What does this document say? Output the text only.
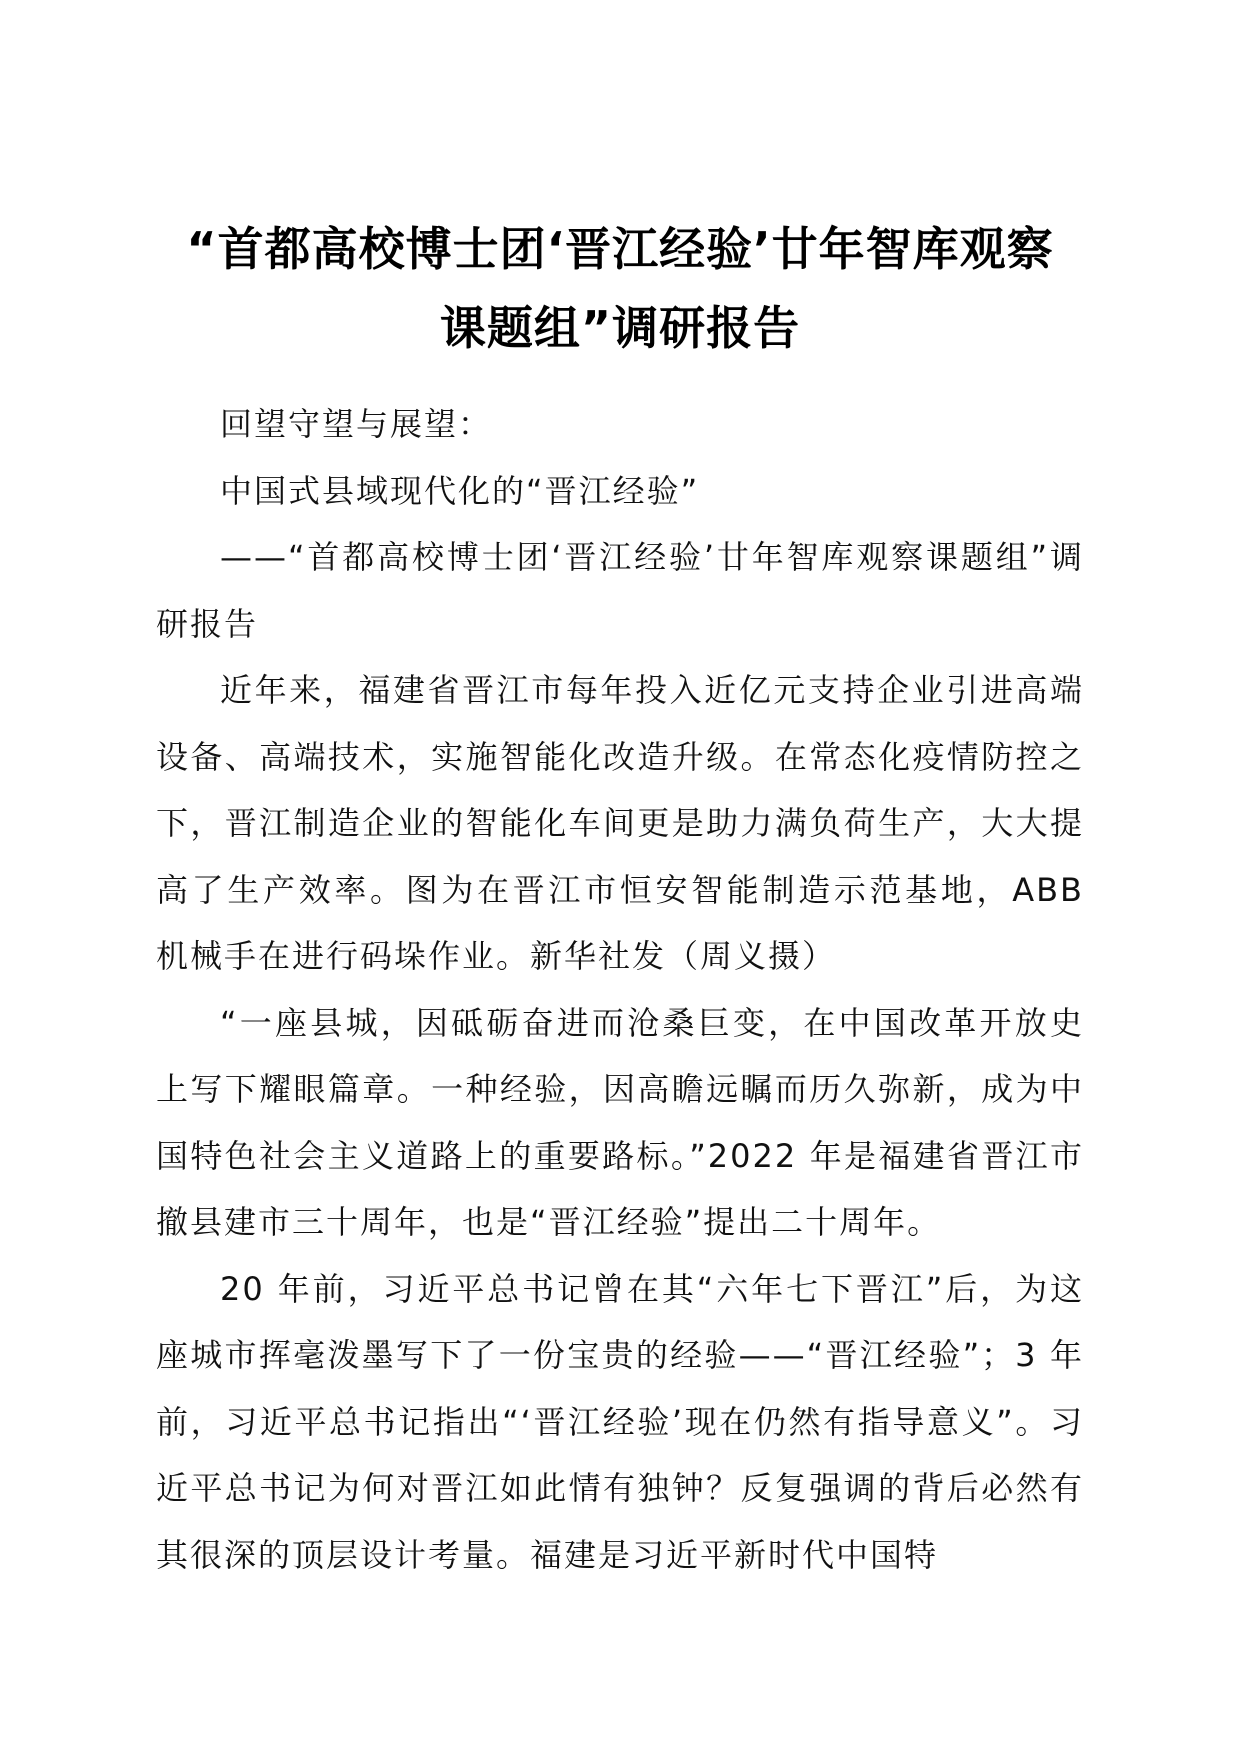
“首都高校博士团‘晋江经验’廿年智库观察
课题组”调研报告

回望守望与展望：

中国式县域现代化的“晋江经验”

——“首都高校博士团‘晋江经验’廿年智库观察课题组”调研报告

近年来，福建省晋江市每年投入近亿元支持企业引进高端设备、高端技术，实施智能化改造升级。在常态化疫情防控之下，晋江制造企业的智能化车间更是助力满负荷生产，大大提高了生产效率。图为在晋江市恒安智能制造示范基地，ABB 机械手在进行码垛作业。新华社发（周义摄）

“一座县城，因砥砺奋进而沧桑巨变，在中国改革开放史上写下耀眼篇章。一种经验，因高瞻远瞩而历久弥新，成为中国特色社会主义道路上的重要路标。”2022 年是福建省晋江市撤县建市三十周年，也是“晋江经验”提出二十周年。

20 年前，习近平总书记曾在其“六年七下晋江”后，为这座城市挥毫泼墨写下了一份宝贵的经验——“晋江经验”；3 年前，习近平总书记指出“‘晋江经验’现在仍然有指导意义”。习近平总书记为何对晋江如此情有独钟？反复强调的背后必然有其很深的顶层设计考量。福建是习近平新时代中国特
